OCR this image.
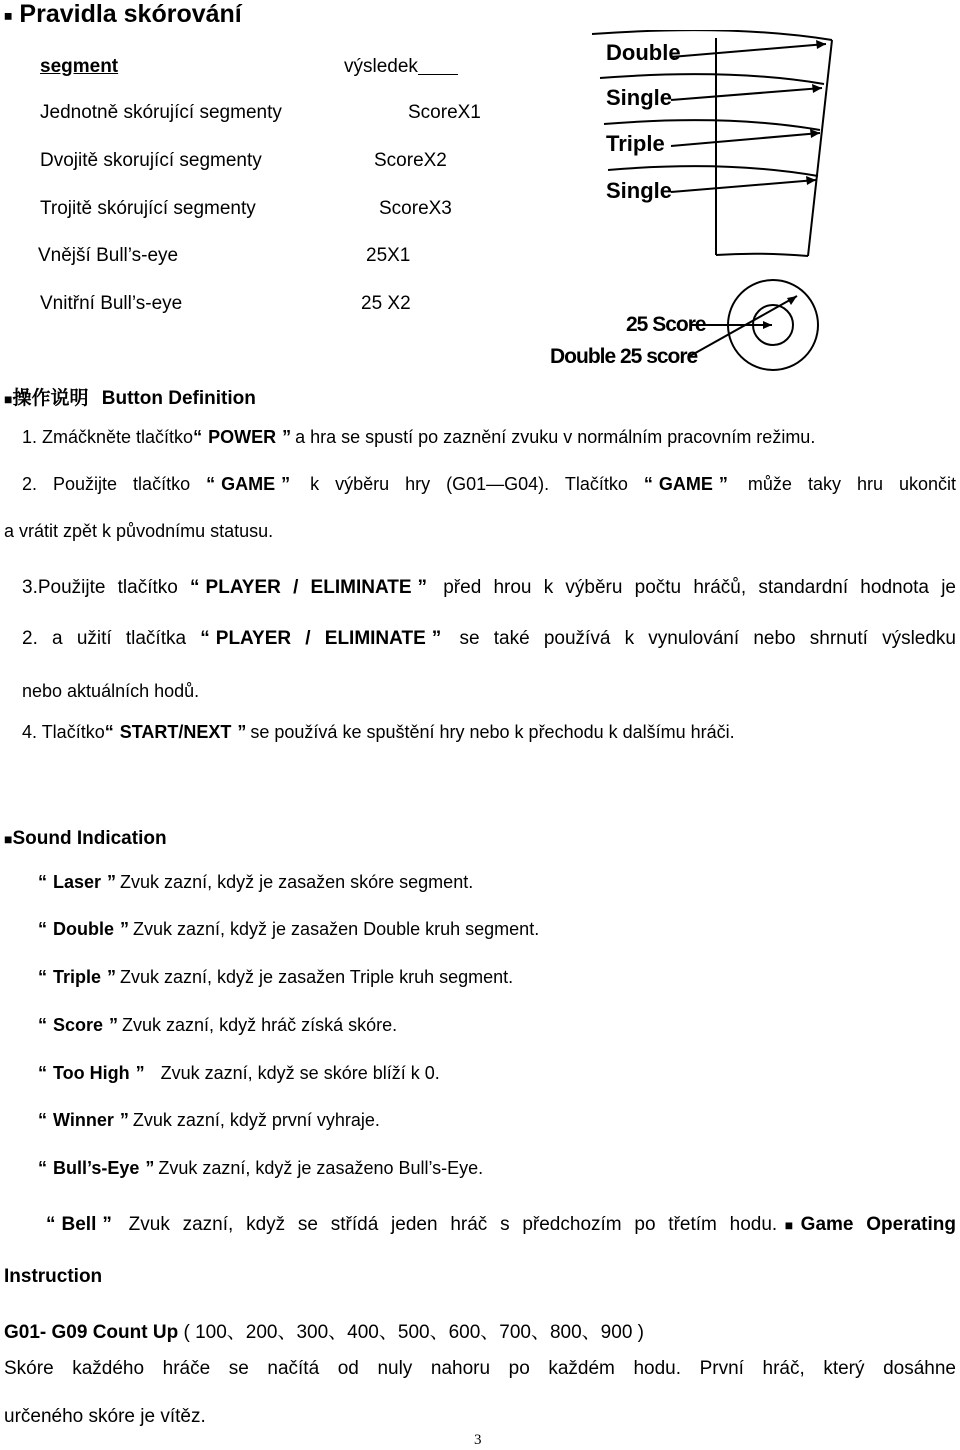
■ Pravidla skórování
segment	výsledek
Jednotně skórující segmenty	ScoreX1
Dvojitě skorující segmenty	ScoreX2
Trojitě skórující segmenty	ScoreX3
Vnější Bull’s-eye	25X1
Vnitřní Bull’s-eye	25 X2
Double
Single
Triple
Single
25 Score
Double 25 score
■操作说明 Button Definition
1. Zmáčkněte tlačítko “ POWER ” a hra se spustí po zaznění zvuku v normálním pracovním režimu.
2. Použijte tlačítko “ GAME ” k výběru hry (G01—G04). Tlačítko “ GAME ” může taky hru ukončit
a vrátit zpět k původnímu statusu.
3.Použijte tlačítko “ PLAYER / ELIMINATE ” před hrou k výběru počtu hráčů, standardní hodnota je
2. a užití tlačítka “ PLAYER / ELIMINATE ” se také používá k vynulování nebo shrnutí výsledku
nebo aktuálních hodů.
4. Tlačítko “ START/NEXT ” se používá ke spuštění hry nebo k přechodu k dalšímu hráči.
■Sound Indication
“ Laser ” Zvuk zazní, když je zasažen skóre segment.
“ Double ” Zvuk zazní, když je zasažen Double kruh segment.
“ Triple ” Zvuk zazní, když je zasažen Triple kruh segment.
“ Score ” Zvuk zazní, když hráč získá skóre.
“ Too High ” Zvuk zazní, když se skóre blíží k 0.
“ Winner ” Zvuk zazní, když první vyhraje.
“ Bull’s-Eye ” Zvuk zazní, když je zasaženo Bull’s-Eye.
“ Bell ” Zvuk zazní, když se střídá jeden hráč s předchozím po třetím hodu.■Game Operating
Instruction
G01- G09 Count Up ( 100、200、300、400、500、600、700、800、900 )
Skóre každého hráče se načítá od nuly nahoru po každém hodu. První hráč, který dosáhne
určeného skóre je vítěz.
3
